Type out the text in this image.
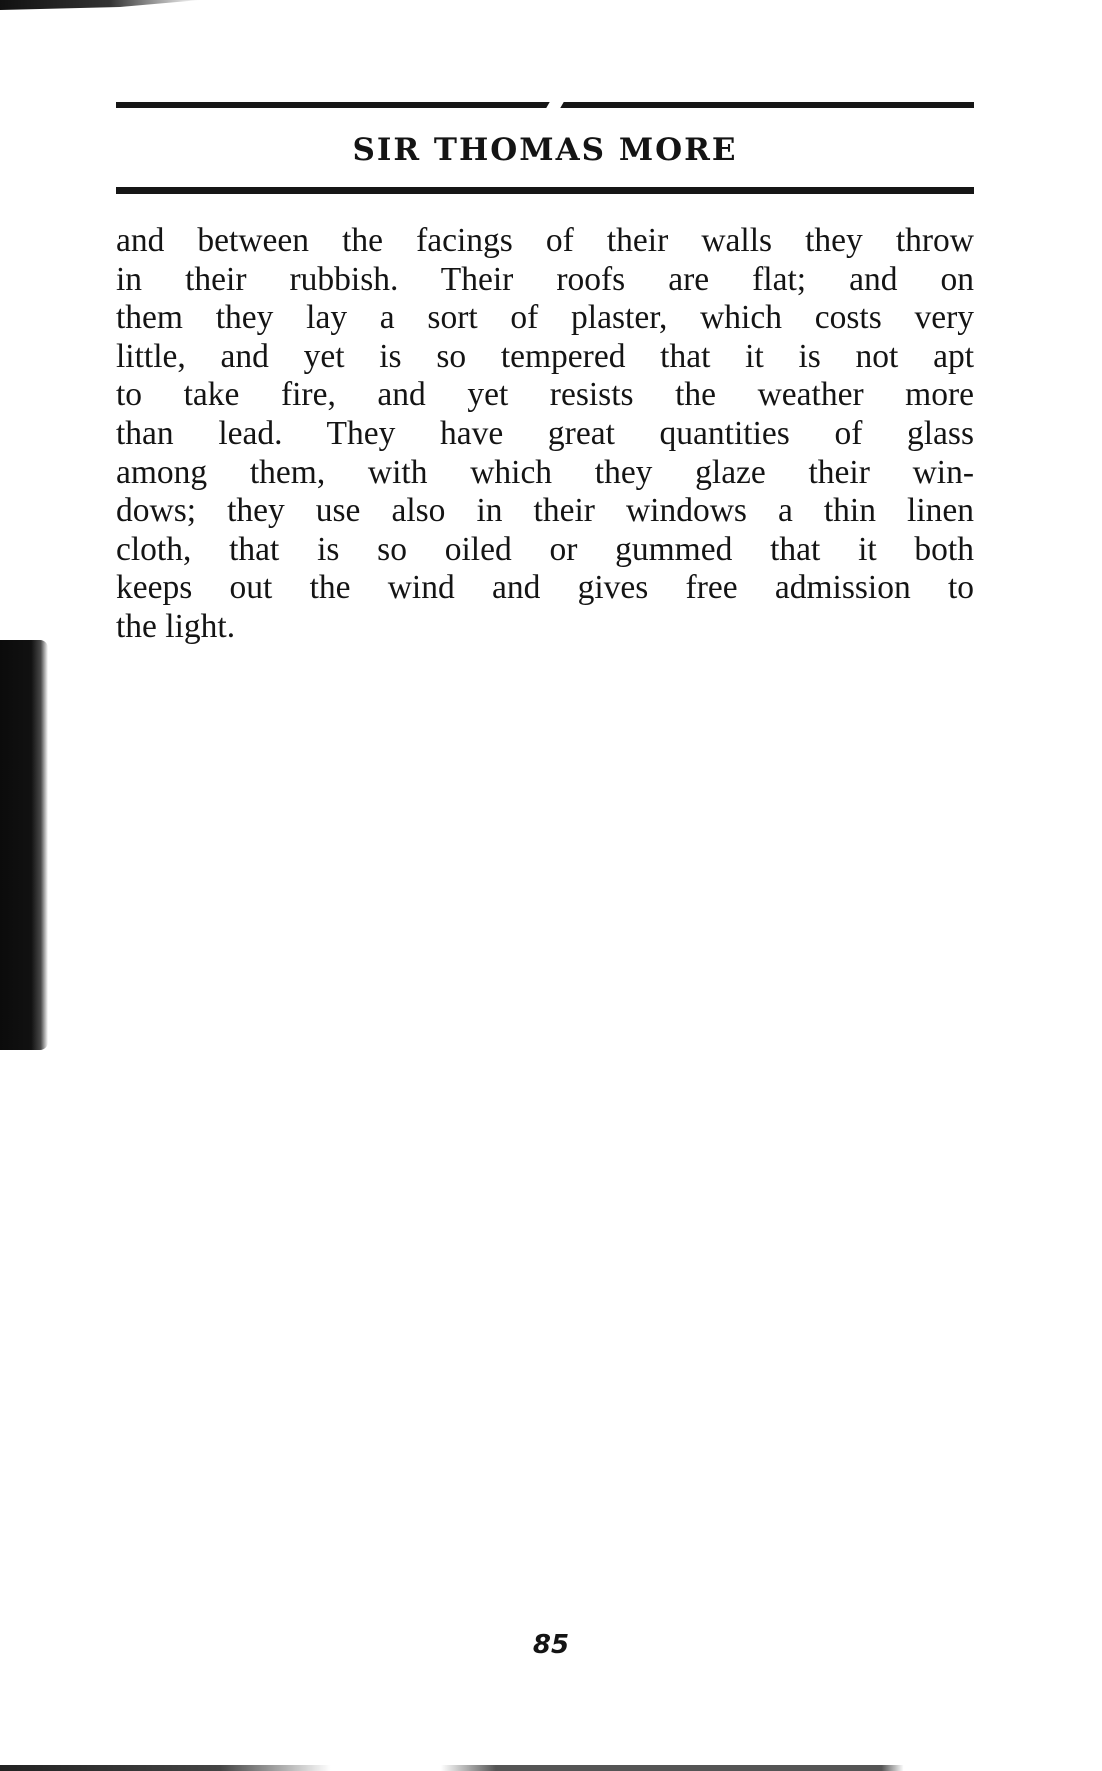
SIR THOMAS MORE
and between the facings of their walls they throw
in their rubbish. Their roofs are flat; and on
them they lay a sort of plaster, which costs very
little, and yet is so tempered that it is not apt
to take fire, and yet resists the weather more
than lead. They have great quantities of glass
among them, with which they glaze their win-
dows; they use also in their windows a thin linen
cloth, that is so oiled or gummed that it both
keeps out the wind and gives free admission to
the light.

85
